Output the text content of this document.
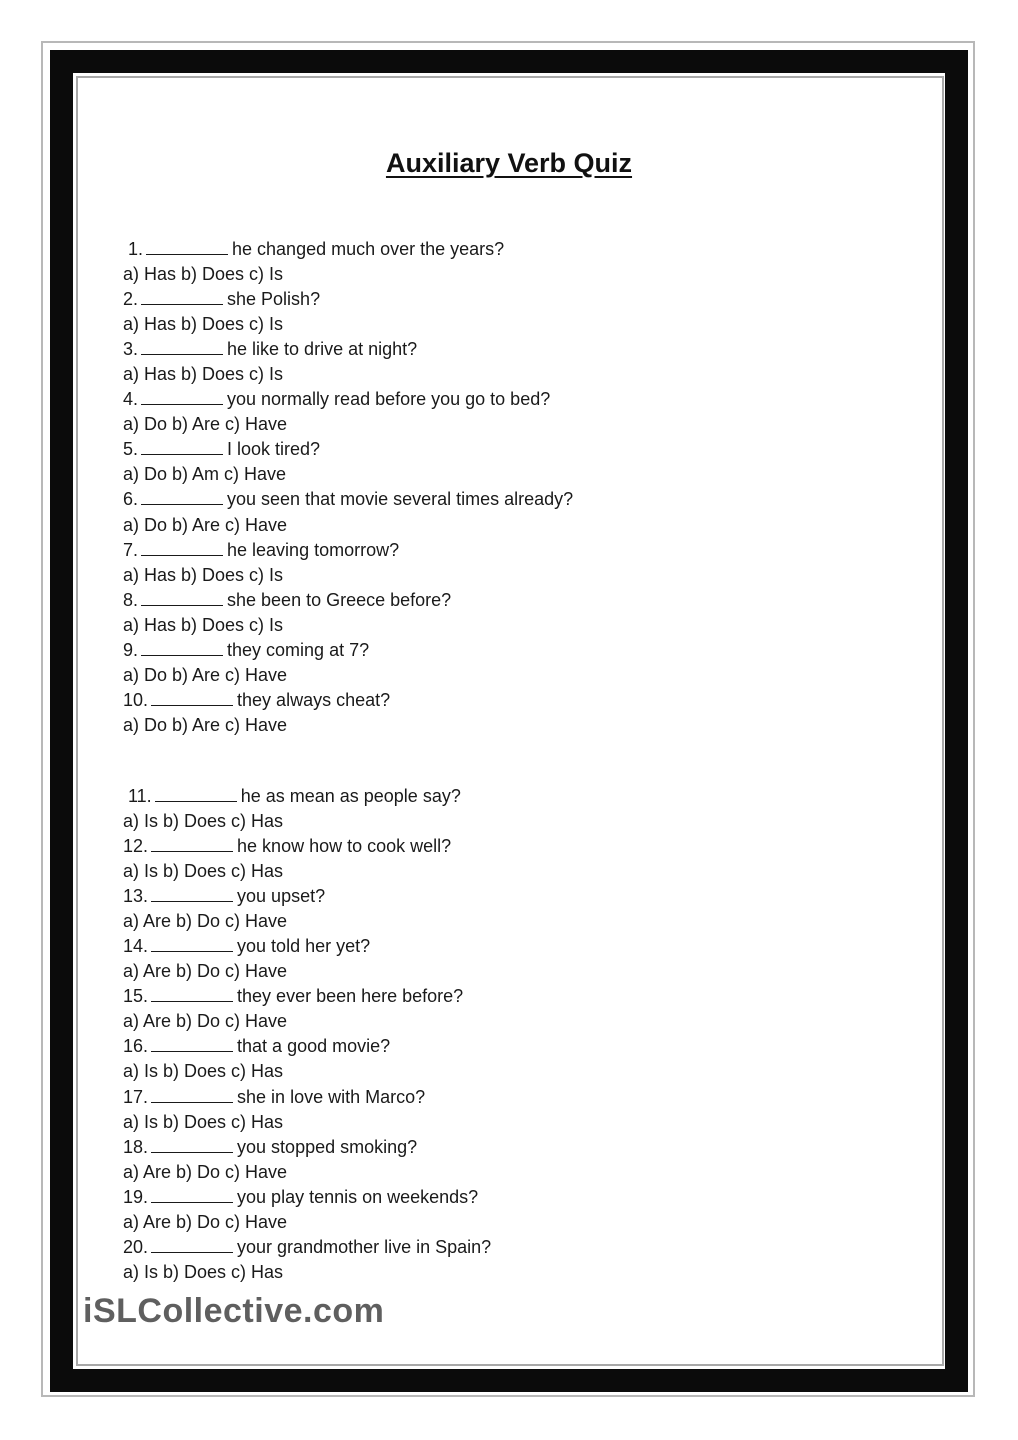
Auxiliary Verb Quiz
1.	he changed much over the years?
a) Has b) Does c) Is
2.	she Polish?
a) Has b) Does c) Is
3.	he like to drive at night?
a) Has b) Does c) Is
4.	you normally read before you go to bed?
a) Do b) Are c) Have
5.	I look tired?
a) Do b) Am c) Have
6.	you seen that movie several times already?
a) Do b) Are c) Have
7.	he leaving tomorrow?
a) Has b) Does c) Is
8.	she been to Greece before?
a) Has b) Does c) Is
9.	they coming at 7?
a) Do b) Are c) Have
10.	they always cheat?
a) Do b) Are c) Have
11.	he as mean as people say?
a) Is b) Does c) Has
12.	he know how to cook well?
a) Is b) Does c) Has
13.	you upset?
a) Are b) Do c) Have
14.	you told her yet?
a) Are b) Do c) Have
15.	they ever been here before?
a) Are b) Do c) Have
16.	that a good movie?
a) Is b) Does c) Has
17.	she in love with Marco?
a) Is b) Does c) Has
18.	you stopped smoking?
a) Are b) Do c) Have
19.	you play tennis on weekends?
a) Are b) Do c) Have
20.	your grandmother live in Spain?
a) Is b) Does c) Has
iSLCollective.com
